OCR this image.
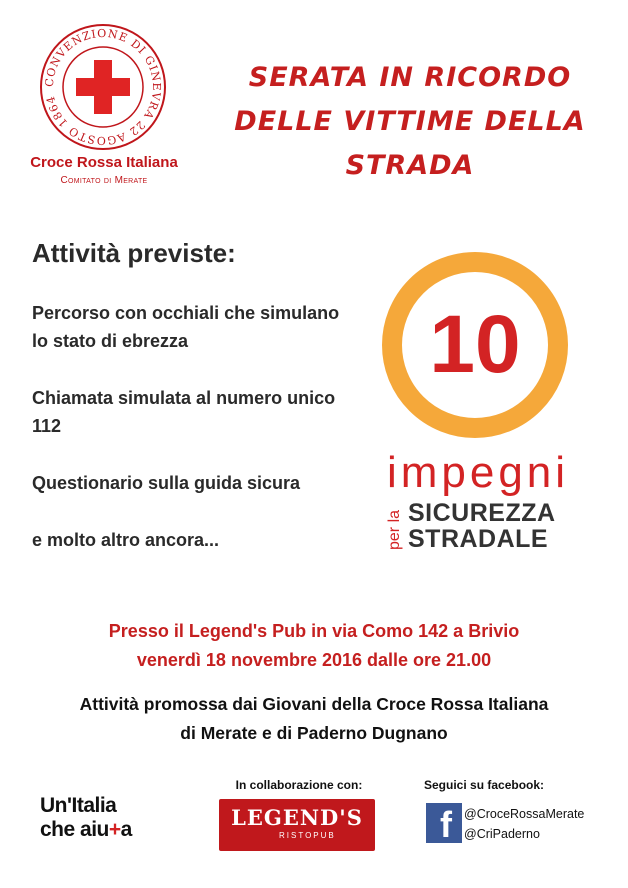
CONVENZIONE DI GINEVRA 22 AGOSTO 1864
Croce Rossa Italiana
Comitato di Merate
SERATA IN RICORDO
DELLE VITTIME DELLA
STRADA
Attività previste:
Percorso con occhiali che simulano lo stato di ebrezza
Chiamata simulata al numero unico 112
Questionario sulla guida sicura
e molto altro ancora...
10
impegni
per la SICUREZZA
STRADALE
Presso il Legend's Pub in via Como 142 a Brivio
venerdì 18 novembre 2016 dalle ore 21.00
Attività promossa dai Giovani della Croce Rossa Italiana
di Merate e di Paderno Dugnano
Un'Italia
che aiu+a
In collaborazione con:
LEGEND'S
RISTOPUB
Seguici su facebook:
f @CroceRossaMerate
@CriPaderno
